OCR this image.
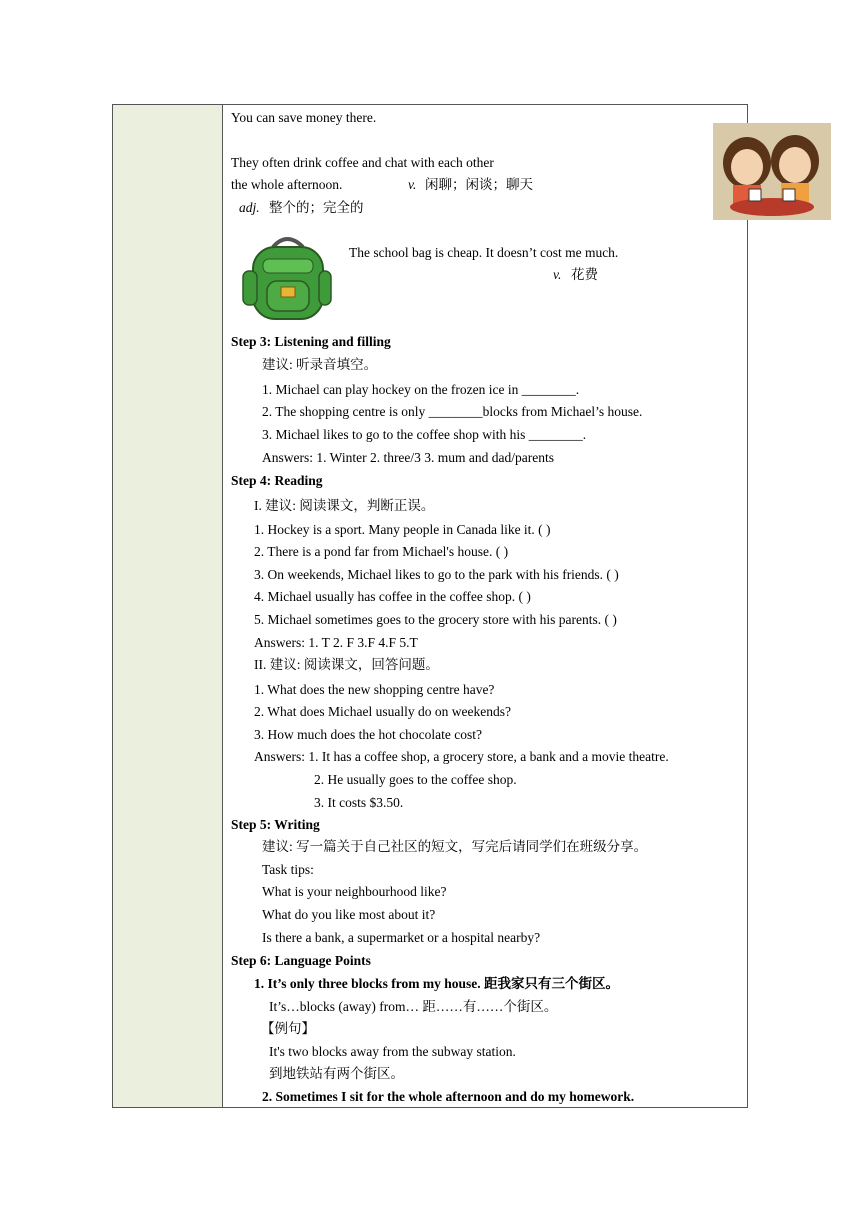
You can save money there.
They often drink coffee and chat with each other
the whole afternoon.	v. 闲聊；闲谈；聊天
adj. 整个的；完全的
The school bag is cheap. It doesn’t cost me much.
v. 花费
Step 3: Listening and filling
建议: 听录音填空。
1. Michael can play hockey on the frozen ice in ________.
2. The shopping centre is only ________blocks from Michael’s house.
3. Michael likes to go to the coffee shop with his ________.
Answers: 1. Winter 2. three/3 3. mum and dad/parents
Step 4: Reading
I. 建议: 阅读课文，判断正误。
1. Hockey is a sport. Many people in Canada like it. ( )
2. There is a pond far from Michael's house. ( )
3. On weekends, Michael likes to go to the park with his friends. ( )
4. Michael usually has coffee in the coffee shop. ( )
5. Michael sometimes goes to the grocery store with his parents. ( )
Answers: 1. T 2. F 3.F 4.F 5.T
II. 建议: 阅读课文，回答问题。
1. What does the new shopping centre have?
2. What does Michael usually do on weekends?
3. How much does the hot chocolate cost?
Answers: 1. It has a coffee shop, a grocery store, a bank and a movie theatre.
2. He usually goes to the coffee shop.
3. It costs $3.50.
Step 5: Writing
建议: 写一篇关于自己社区的短文，写完后请同学们在班级分享。
Task tips:
What is your neighbourhood like?
What do you like most about it?
Is there a bank, a supermarket or a hospital nearby?
Step 6: Language Points
1. It’s only three blocks from my house. 距我家只有三个街区。
It’s…blocks (away) from… 距……有……个街区。
【例句】
It's two blocks away from the subway station.
到地铁站有两个街区。
2. Sometimes I sit for the whole afternoon and do my homework.
